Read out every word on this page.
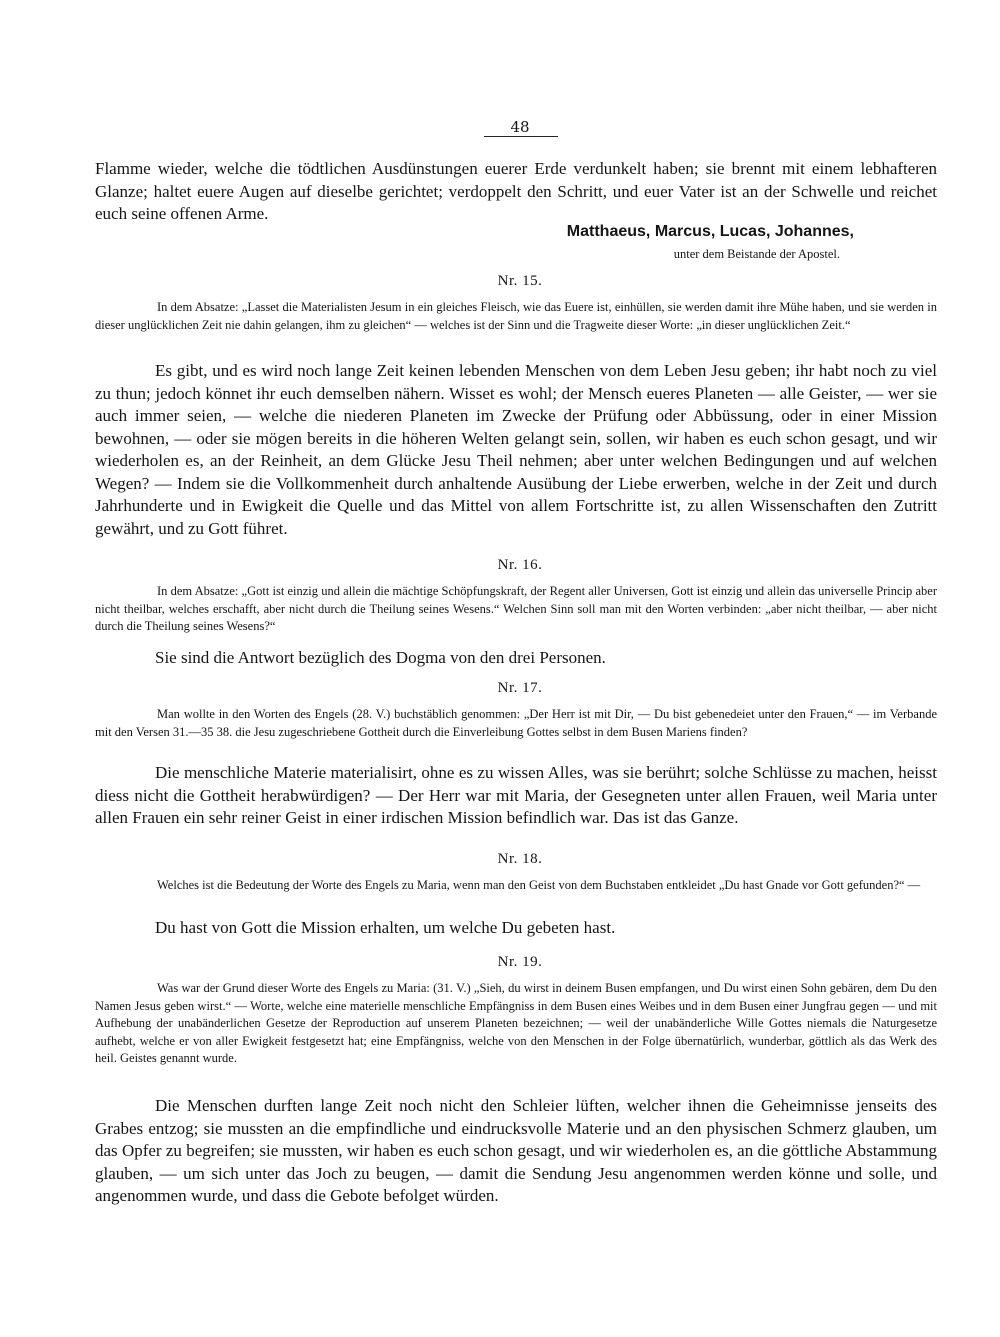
48
Flamme wieder, welche die tödtlichen Ausdünstungen euerer Erde verdunkelt haben; sie brennt mit einem lebhafteren Glanze; haltet euere Augen auf dieselbe gerichtet; verdoppelt den Schritt, und euer Vater ist an der Schwelle und reichet euch seine offenen Arme.
Matthaeus, Marcus, Lucas, Johannes,
unter dem Beistande der Apostel.
Nr. 15.
In dem Absatze: „Lasset die Materialisten Jesum in ein gleiches Fleisch, wie das Euere ist, einhüllen, sie werden damit ihre Mühe haben, und sie werden in dieser unglücklichen Zeit nie dahin gelangen, ihm zu gleichen“ — welches ist der Sinn und die Tragweite dieser Worte: „in dieser unglücklichen Zeit.“
Es gibt, und es wird noch lange Zeit keinen lebenden Menschen von dem Leben Jesu geben; ihr habt noch zu viel zu thun; jedoch könnet ihr euch demselben nähern. Wisset es wohl; der Mensch eueres Planeten — alle Geister, — wer sie auch immer seien, — welche die niederen Planeten im Zwecke der Prüfung oder Abbüssung, oder in einer Mission bewohnen, — oder sie mögen bereits in die höheren Welten gelangt sein, sollen, wir haben es euch schon gesagt, und wir wiederholen es, an der Reinheit, an dem Glücke Jesu Theil nehmen; aber unter welchen Bedingungen und auf welchen Wegen? — Indem sie die Vollkommenheit durch anhaltende Ausübung der Liebe erwerben, welche in der Zeit und durch Jahrhunderte und in Ewigkeit die Quelle und das Mittel von allem Fortschritte ist, zu allen Wissenschaften den Zutritt gewährt, und zu Gott führet.
Nr. 16.
In dem Absatze: „Gott ist einzig und allein die mächtige Schöpfungskraft, der Regent aller Universen, Gott ist einzig und allein das universelle Princip aber nicht theilbar, welches erschafft, aber nicht durch die Theilung seines Wesens.“ Welchen Sinn soll man mit den Worten verbinden: „aber nicht theilbar, — aber nicht durch die Theilung seines Wesens?“
Sie sind die Antwort bezüglich des Dogma von den drei Personen.
Nr. 17.
Man wollte in den Worten des Engels (28. V.) buchstäblich genommen: „Der Herr ist mit Dir, — Du bist gebenedeiet unter den Frauen,“ — im Verbande mit den Versen 31.—35 38. die Jesu zugeschriebene Gottheit durch die Einverleibung Gottes selbst in dem Busen Mariens finden?
Die menschliche Materie materialisirt, ohne es zu wissen Alles, was sie berührt; solche Schlüsse zu machen, heisst diess nicht die Gottheit herabwürdigen? — Der Herr war mit Maria, der Gesegneten unter allen Frauen, weil Maria unter allen Frauen ein sehr reiner Geist in einer irdischen Mission befindlich war. Das ist das Ganze.
Nr. 18.
Welches ist die Bedeutung der Worte des Engels zu Maria, wenn man den Geist von dem Buchstaben entkleidet „Du hast Gnade vor Gott gefunden?“ —
Du hast von Gott die Mission erhalten, um welche Du gebeten hast.
Nr. 19.
Was war der Grund dieser Worte des Engels zu Maria: (31. V.) „Sieh, du wirst in deinem Busen empfangen, und Du wirst einen Sohn gebären, dem Du den Namen Jesus geben wirst.“ — Worte, welche eine materielle menschliche Empfängniss in dem Busen eines Weibes und in dem Busen einer Jungfrau gegen — und mit Aufhebung der unabänderlichen Gesetze der Reproduction auf unserem Planeten bezeichnen; — weil der unabänderliche Wille Gottes niemals die Naturgesetze aufhebt, welche er von aller Ewigkeit festgesetzt hat; eine Empfängniss, welche von den Menschen in der Folge übernatürlich, wunderbar, göttlich als das Werk des heil. Geistes genannt wurde.
Die Menschen durften lange Zeit noch nicht den Schleier lüften, welcher ihnen die Geheimnisse jenseits des Grabes entzog; sie mussten an die empfindliche und eindrucksvolle Materie und an den physischen Schmerz glauben, um das Opfer zu begreifen; sie mussten, wir haben es euch schon gesagt, und wir wiederholen es, an die göttliche Abstammung glauben, — um sich unter das Joch zu beugen, — damit die Sendung Jesu angenommen werden könne und solle, und angenommen wurde, und dass die Gebote befolget würden.
